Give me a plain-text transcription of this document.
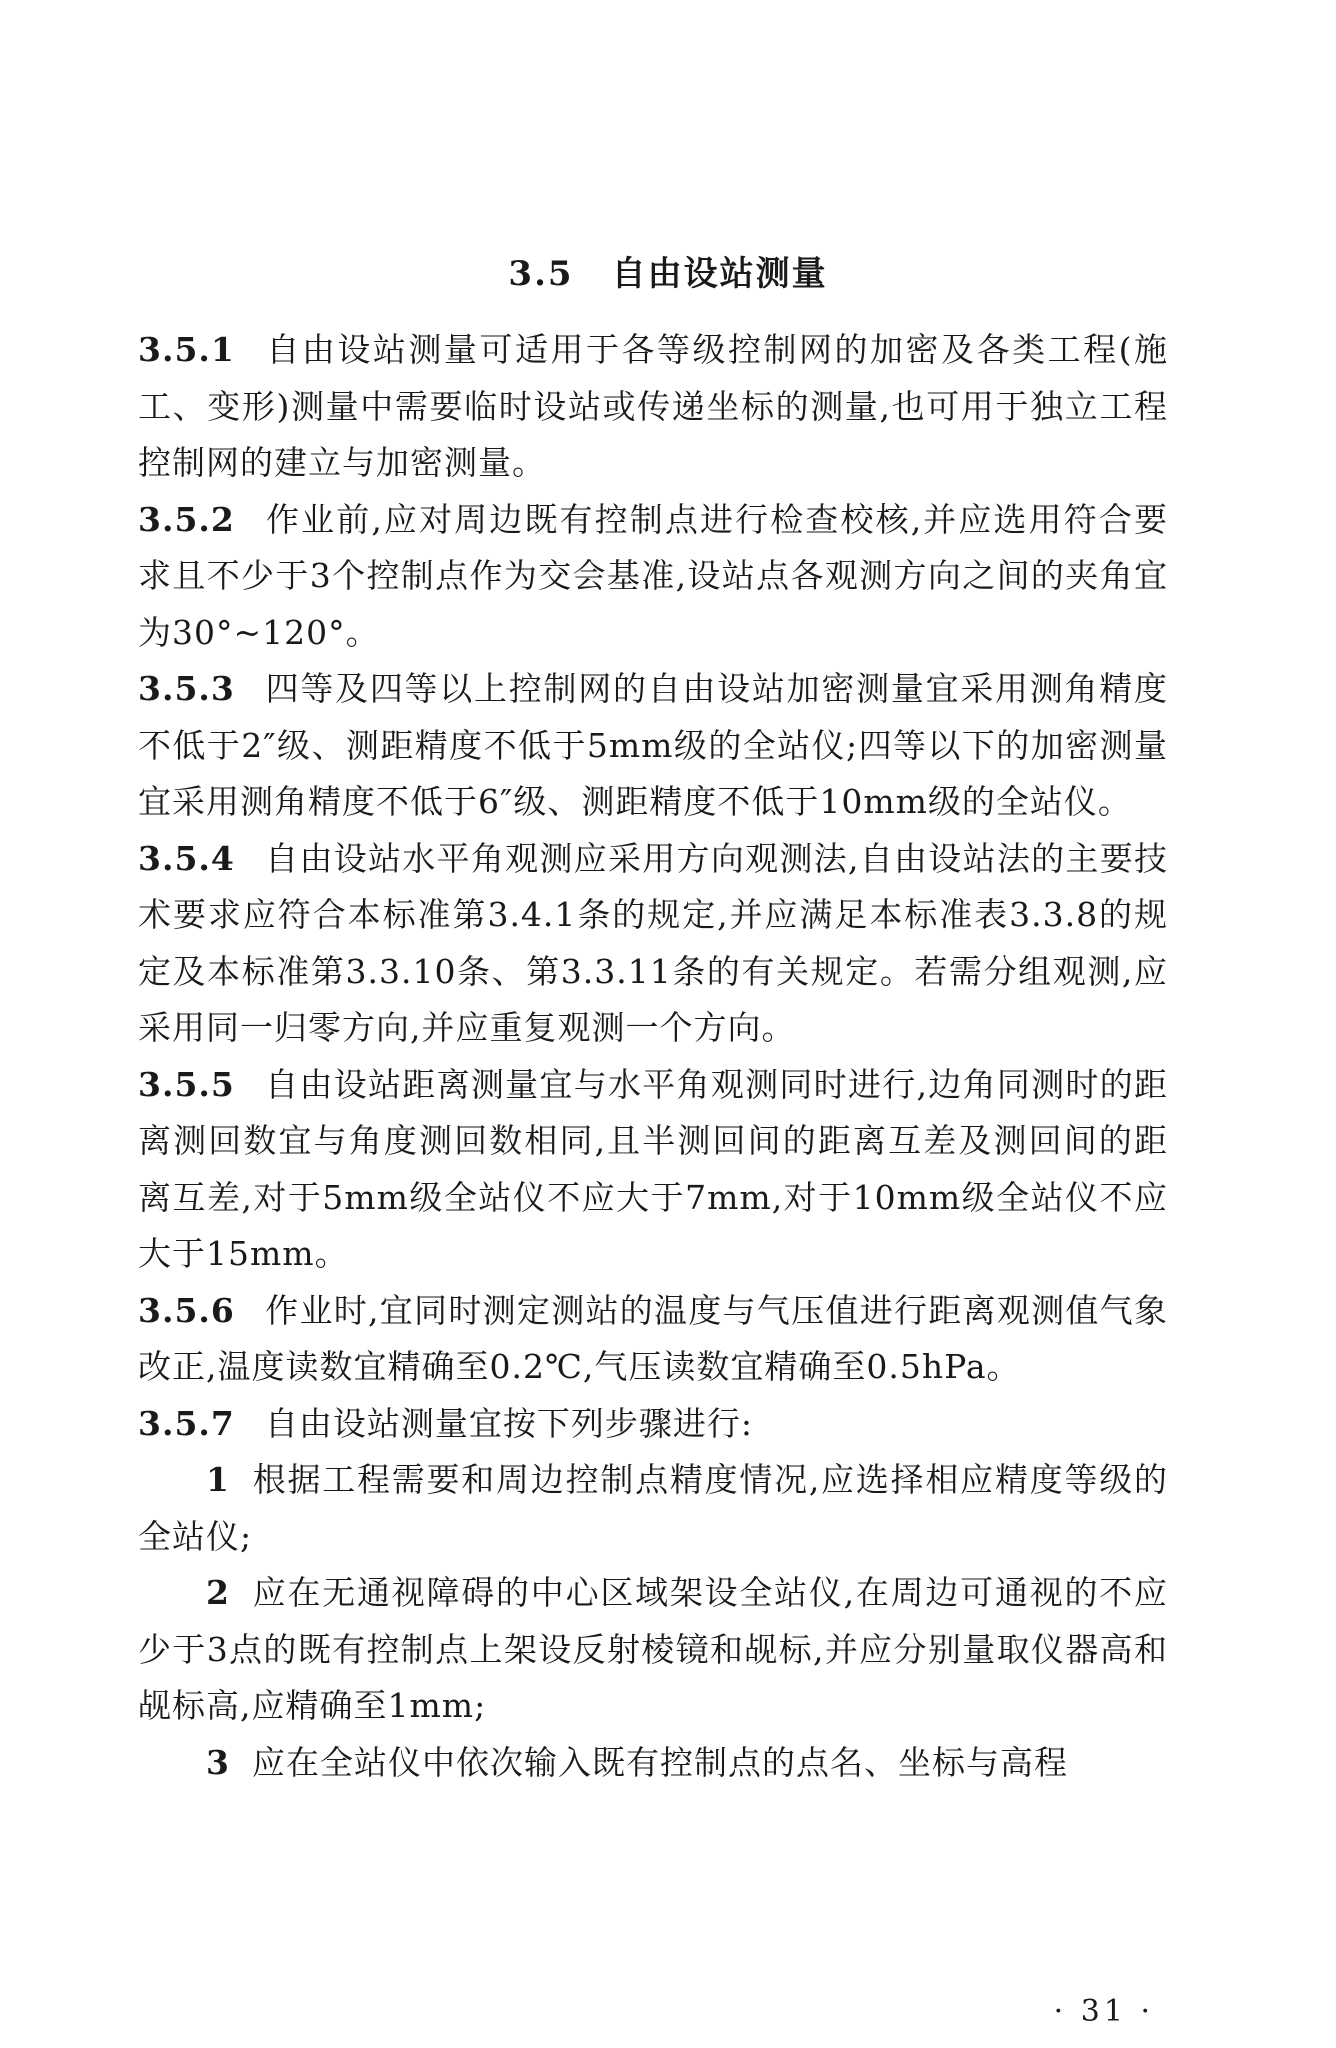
3.5 自由设站测量

3.5.1 自由设站测量可适用于各等级控制网的加密及各类工程(施工、变形)测量中需要临时设站或传递坐标的测量,也可用于独立工程控制网的建立与加密测量。

3.5.2 作业前,应对周边既有控制点进行检查校核,并应选用符合要求且不少于3个控制点作为交会基准,设站点各观测方向之间的夹角宜为30°~120°。

3.5.3 四等及四等以上控制网的自由设站加密测量宜采用测角精度不低于2″级、测距精度不低于5mm级的全站仪;四等以下的加密测量宜采用测角精度不低于6″级、测距精度不低于10mm级的全站仪。

3.5.4 自由设站水平角观测应采用方向观测法,自由设站法的主要技术要求应符合本标准第3.4.1条的规定,并应满足本标准表3.3.8的规定及本标准第3.3.10条、第3.3.11条的有关规定。若需分组观测,应采用同一归零方向,并应重复观测一个方向。

3.5.5 自由设站距离测量宜与水平角观测同时进行,边角同测时的距离测回数宜与角度测回数相同,且半测回间的距离互差及测回间的距离互差,对于5mm级全站仪不应大于7mm,对于10mm级全站仪不应大于15mm。

3.5.6 作业时,宜同时测定测站的温度与气压值进行距离观测值气象改正,温度读数宜精确至0.2℃,气压读数宜精确至0.5hPa。

3.5.7 自由设站测量宜按下列步骤进行:

1 根据工程需要和周边控制点精度情况,应选择相应精度等级的全站仪;

2 应在无通视障碍的中心区域架设全站仪,在周边可通视的不应少于3点的既有控制点上架设反射棱镜和觇标,并应分别量取仪器高和觇标高,应精确至1mm;

3 应在全站仪中依次输入既有控制点的点名、坐标与高程

· 31 ·
